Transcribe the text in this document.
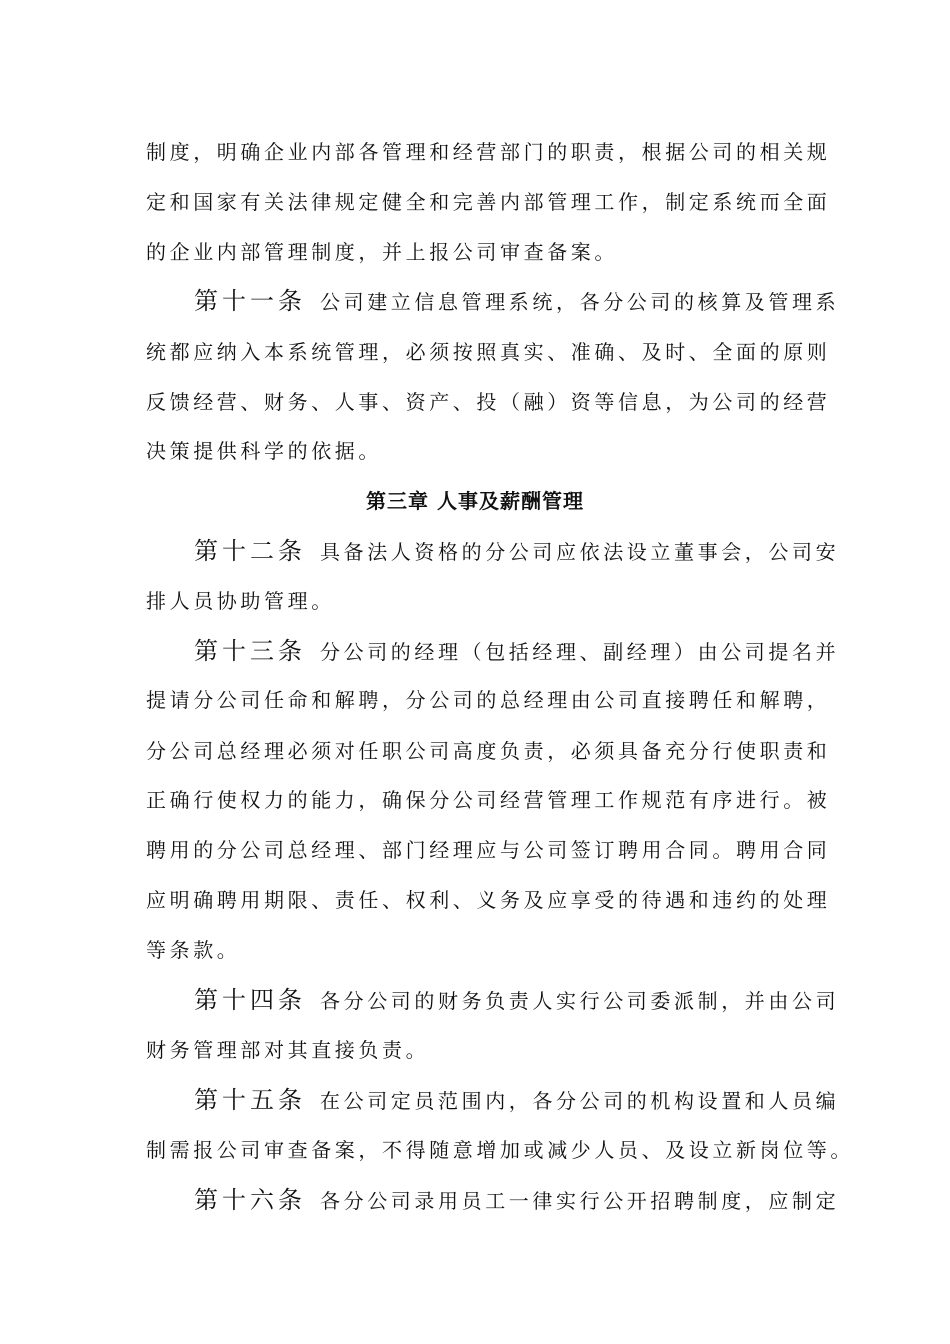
制度，明确企业内部各管理和经营部门的职责，根据公司的相关规
定和国家有关法律规定健全和完善内部管理工作，制定系统而全面
的企业内部管理制度，并上报公司审查备案。
第十一条 公司建立信息管理系统，各分公司的核算及管理系
统都应纳入本系统管理，必须按照真实、准确、及时、全面的原则
反馈经营、财务、人事、资产、投（融）资等信息，为公司的经营
决策提供科学的依据。
第三章 人事及薪酬管理
第十二条 具备法人资格的分公司应依法设立董事会，公司安
排人员协助管理。
第十三条 分公司的经理（包括经理、副经理）由公司提名并
提请分公司任命和解聘，分公司的总经理由公司直接聘任和解聘，
分公司总经理必须对任职公司高度负责，必须具备充分行使职责和
正确行使权力的能力，确保分公司经营管理工作规范有序进行。被
聘用的分公司总经理、部门经理应与公司签订聘用合同。聘用合同
应明确聘用期限、责任、权利、义务及应享受的待遇和违约的处理
等条款。
第十四条 各分公司的财务负责人实行公司委派制，并由公司
财务管理部对其直接负责。
第十五条 在公司定员范围内，各分公司的机构设置和人员编
制需报公司审查备案，不得随意增加或减少人员、及设立新岗位等。
第十六条 各分公司录用员工一律实行公开招聘制度，应制定
